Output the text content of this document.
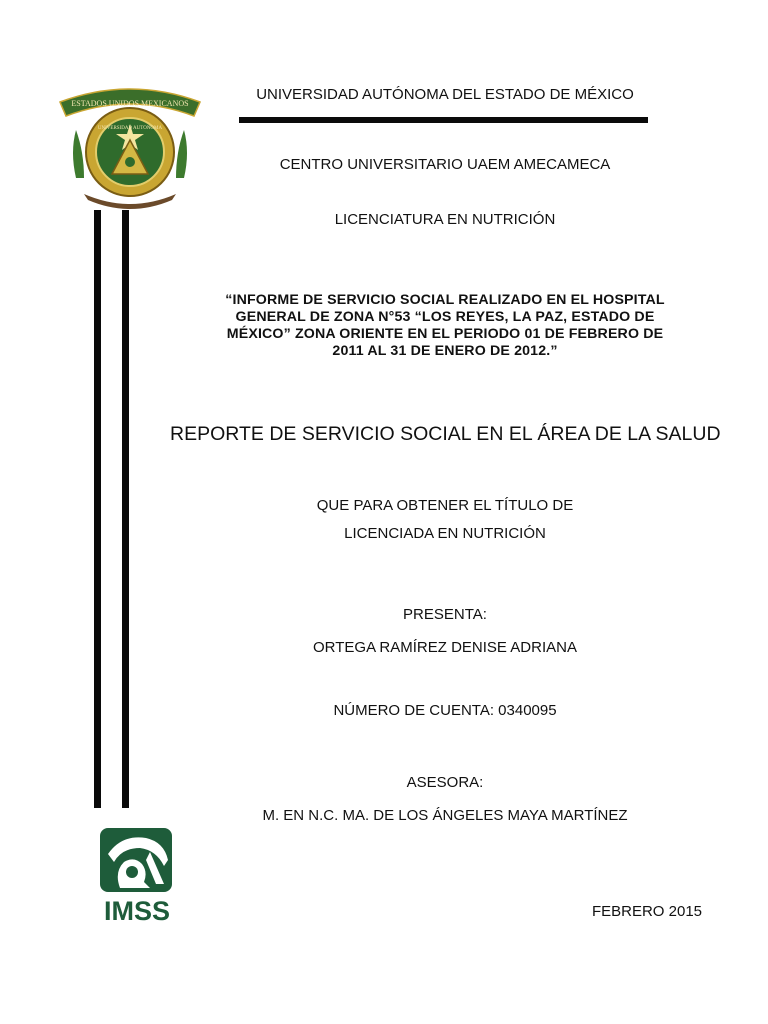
ESTADOS UNIDOS MEXICANOS
UNIVERSIDAD AUTONOMA
UNIVERSIDAD AUTÓNOMA DEL ESTADO DE MÉXICO
CENTRO UNIVERSITARIO UAEM AMECAMECA
LICENCIATURA EN NUTRICIÓN
“INFORME DE SERVICIO SOCIAL REALIZADO EN EL HOSPITAL
GENERAL DE ZONA N°53 “LOS REYES, LA PAZ, ESTADO DE
MÉXICO” ZONA ORIENTE EN EL PERIODO 01 DE FEBRERO DE
2011 AL 31 DE ENERO DE 2012.”
REPORTE DE SERVICIO SOCIAL EN EL ÁREA DE LA SALUD
QUE PARA OBTENER EL TÍTULO DE
LICENCIADA EN NUTRICIÓN
PRESENTA:
ORTEGA RAMÍREZ DENISE ADRIANA
NÚMERO DE CUENTA: 0340095
ASESORA:
M. EN N.C. MA. DE LOS ÁNGELES MAYA MARTÍNEZ
IMSS	FEBRERO 2015
